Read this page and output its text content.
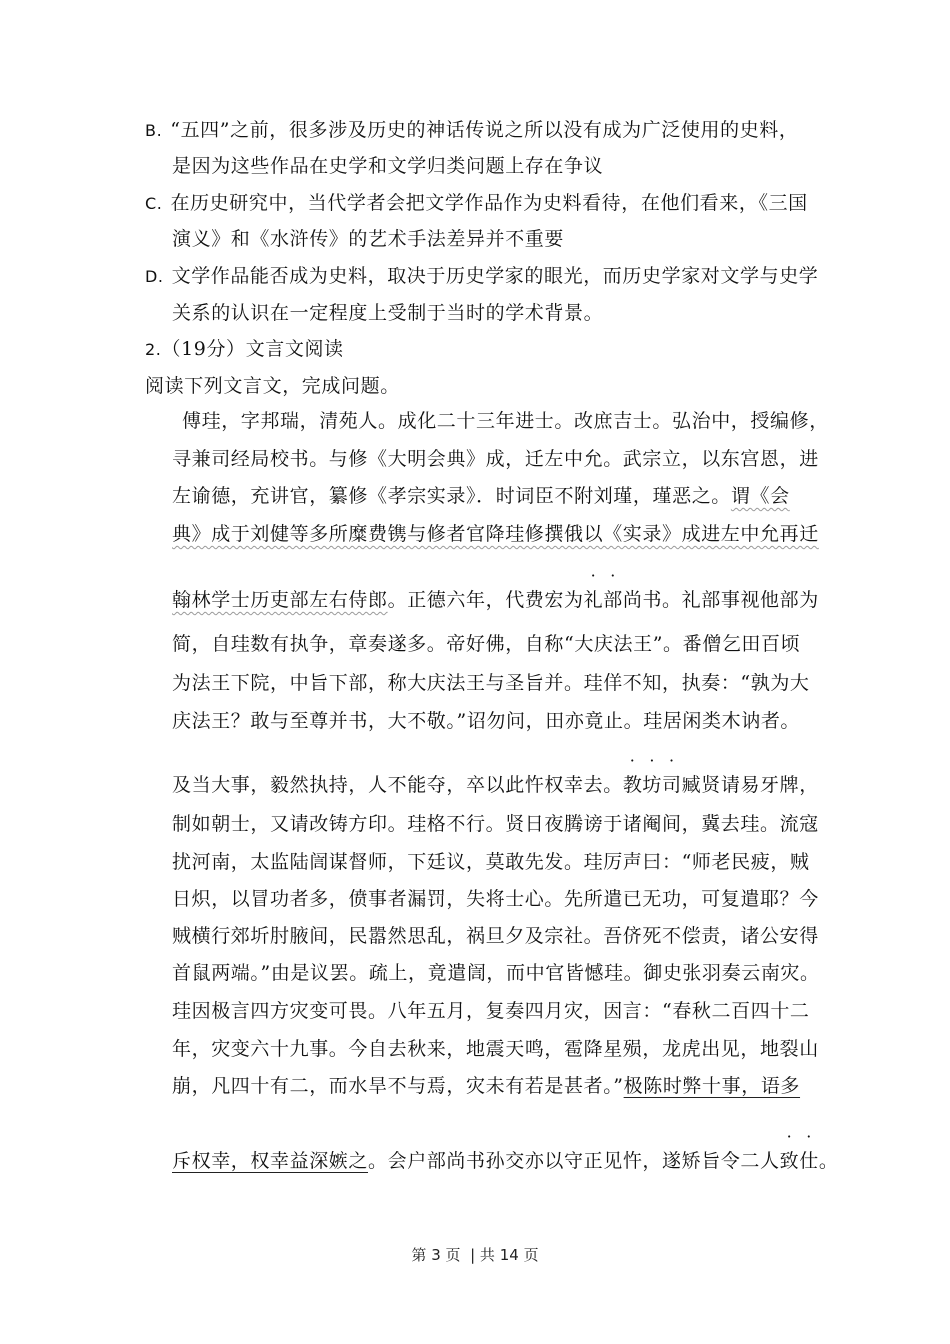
B. “五四”之前，很多涉及历史的神话传说之所以没有成为广泛使用的史料，
是因为这些作品在史学和文学归类问题上存在争议
C. 在历史研究中，当代学者会把文学作品作为史料看待，在他们看来，《三国
演义》和《水浒传》的艺术手法差异并不重要
D. 文学作品能否成为史料，取决于历史学家的眼光，而历史学家对文学与史学
关系的认识在一定程度上受制于当时的学术背景。
2.（19分）文言文阅读
阅读下列文言文，完成问题。
傅珪，字邦瑞，清苑人。成化二十三年进士。改庶吉士。弘治中，授编修，
寻兼司经局校书。与修《大明会典》成，迁左中允。武宗立，以东宫恩，进
左谕德，充讲官，纂修《孝宗实录》．时词臣不附刘瑾，瑾恶之。谓《会
典》成于刘健等多所糜费镌与修者官降珪修撰俄以《实录》成进左中允再迁
翰林学士历吏部左右侍郎。正德六年，代费宏为礼部尚书。礼部事视他部为
简，自珪数有执争，章奏遂多。帝好佛，自称“大庆法王”。番僧乞田百顷
为法王下院，中旨下部，称大庆法王与圣旨并。珪佯不知，执奏：“孰为大
庆法王？敢与至尊并书，大不敬。”诏勿问，田亦竟止。珪居闲类木讷者。
及当大事，毅然执持，人不能夺，卒以此忤权幸去。教坊司臧贤请易牙牌，
制如朝士，又请改铸方印。珪格不行。贤日夜腾谤于诸阉间，冀去珪。流寇
扰河南，太监陆訚谋督师，下廷议，莫敢先发。珪厉声曰：“师老民疲，贼
日炽，以冒功者多，偾事者漏罚，失将士心。先所遣已无功，可复遣耶？今
贼横行郊圻肘腋间，民嚣然思乱，祸旦夕及宗社。吾侪死不偿责，诸公安得
首鼠两端。”由是议罢。疏上，竟遣訚，而中官皆憾珪。御史张羽奏云南灾。
珪因极言四方灾变可畏。八年五月，复奏四月灾，因言：“春秋二百四十二
年，灾变六十九事。今自去秋来，地震天鸣，雹降星殒，龙虎出见，地裂山
崩，凡四十有二，而水旱不与焉，灾未有若是甚者。”极陈时弊十事，语多
斥权幸，权幸益深嫉之。会户部尚书孙交亦以守正见忤，遂矫旨令二人致仕。
第 3 页 | 共 14 页
